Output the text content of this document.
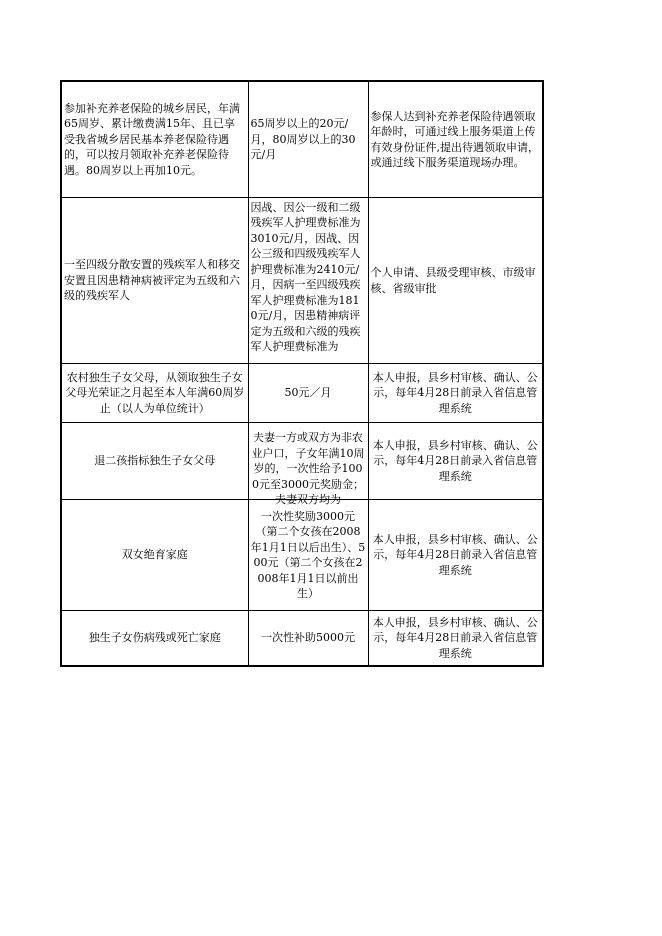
参加补充养老保险的城乡居民，年满65周岁、累计缴费满15年、且已享受我省城乡居民基本养老保险待遇的，可以按月领取补充养老保险待遇。80周岁以上再加10元。	65周岁以上的20元/月，80周岁以上的30元/月	参保人达到补充养老保险待遇领取年龄时，可通过线上服务渠道上传有效身份证件,提出待遇领取申请，或通过线下服务渠道现场办理。
一至四级分散安置的残疾军人和移交安置且因患精神病被评定为五级和六级的残疾军人	因战、因公一级和二级残疾军人护理费标准为3010元/月，因战、因公三级和四级残疾军人护理费标准为2410元/月，因病一至四级残疾军人护理费标准为1810元/月，因患精神病评定为五级和六级的残疾军人护理费标准为	个人申请、县级受理审核、市级审核、省级审批
农村独生子女父母，从领取独生子女父母光荣证之月起至本人年满60周岁止（以人为单位统计）	50元／月	本人申报，县乡村审核、确认、公示，每年4月28日前录入省信息管理系统
退二孩指标独生子女父母	夫妻一方或双方为非农业户口，子女年满10周岁的，一次性给予1000元至3000元奖励金；夫妻双方均为	本人申报，县乡村审核、确认、公示，每年4月28日前录入省信息管理系统
双女绝育家庭	一次性奖励3000元（第二个女孩在2008年1月1日以后出生）、500元（第二个女孩在2008年1月1日以前出生）	本人申报，县乡村审核、确认、公示，每年4月28日前录入省信息管理系统
独生子女伤病残或死亡家庭	一次性补助5000元	本人申报，县乡村审核、确认、公示，每年4月28日前录入省信息管理系统
